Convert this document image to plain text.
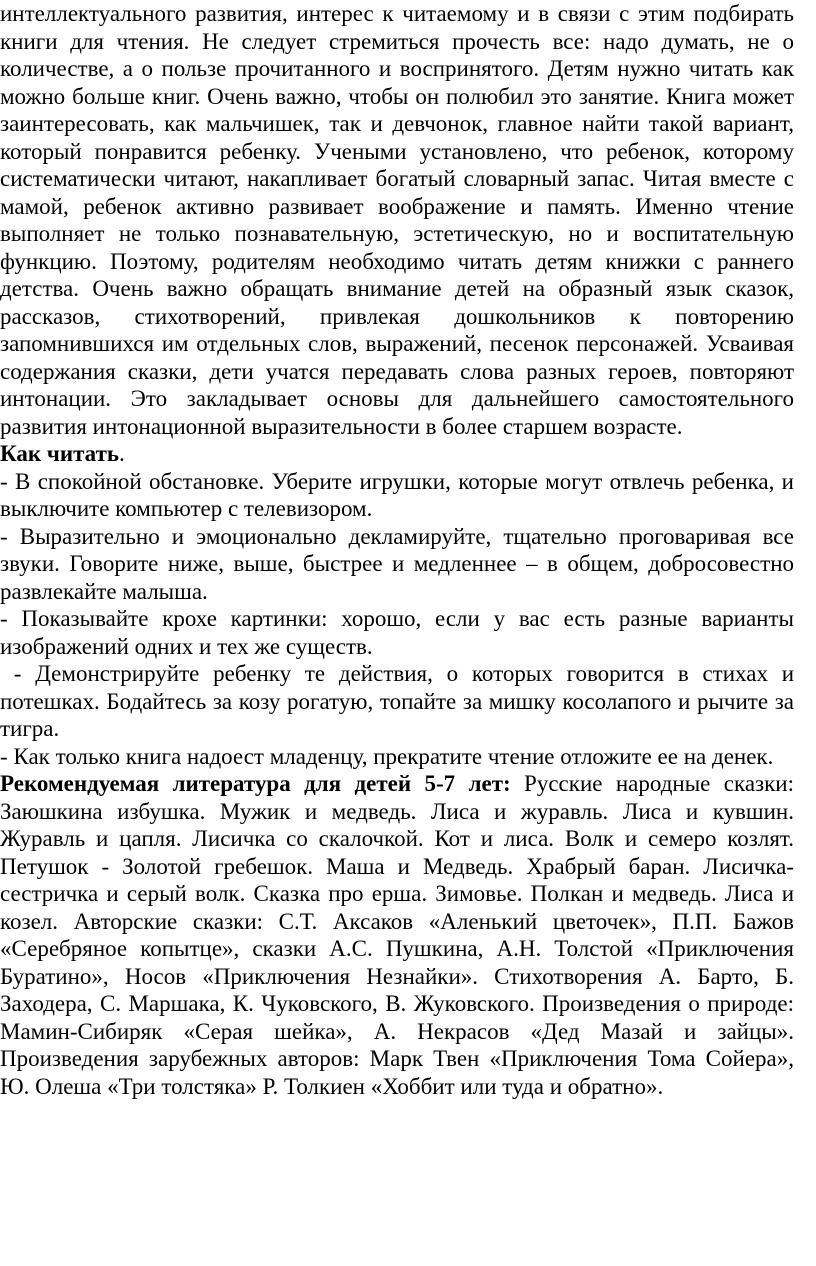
интеллектуального развития, интерес к читаемому и в связи с этим подбирать книги для чтения. Не следует стремиться прочесть все: надо думать, не о количестве, а о пользе прочитанного и воспринятого. Детям нужно читать как можно больше книг. Очень важно, чтобы он полюбил это занятие. Книга может заинтересовать, как мальчишек, так и девчонок, главное найти такой вариант, который понравится ребенку. Учеными установлено, что ребенок, которому систематически читают, накапливает богатый словарный запас. Читая вместе с мамой, ребенок активно развивает воображение и память. Именно чтение выполняет не только познавательную, эстетическую, но и воспитательную функцию. Поэтому, родителям необходимо читать детям книжки с раннего детства. Очень важно обращать внимание детей на образный язык сказок, рассказов, стихотворений, привлекая дошкольников к повторению запомнившихся им отдельных слов, выражений, песенок персонажей. Усваивая содержания сказки, дети учатся передавать слова разных героев, повторяют интонации. Это закладывает основы для дальнейшего самостоятельного развития интонационной выразительности в более старшем возрасте.

Как читать.

- В спокойной обстановке. Уберите игрушки, которые могут отвлечь ребенка, и выключите компьютер с телевизором.

- Выразительно и эмоционально декламируйте, тщательно проговаривая все звуки. Говорите ниже, выше, быстрее и медленнее – в общем, добросовестно развлекайте малыша.

- Показывайте крохе картинки: хорошо, если у вас есть разные варианты изображений одних и тех же существ.

- Демонстрируйте ребенку те действия, о которых говорится в стихах и потешках. Бодайтесь за козу рогатую, топайте за мишку косолапого и рычите за тигра.

- Как только книга надоест младенцу, прекратите чтение отложите ее на денек.

Рекомендуемая литература для детей 5-7 лет: Русские народные сказки: Заюшкина избушка. Мужик и медведь. Лиса и журавль. Лиса и кувшин. Журавль и цапля. Лисичка со скалочкой. Кот и лиса. Волк и семеро козлят. Петушок - Золотой гребешок. Маша и Медведь. Храбрый баран. Лисичка-сестричка и серый волк. Сказка про ерша. Зимовье. Полкан и медведь. Лиса и козел. Авторские сказки: С.Т. Аксаков «Аленький цветочек», П.П. Бажов «Серебряное копытце», сказки А.С. Пушкина, А.Н. Толстой «Приключения Буратино», Носов «Приключения Незнайки». Стихотворения А. Барто, Б. Заходера, С. Маршака, К. Чуковского, В. Жуковского. Произведения о природе: Мамин-Сибиряк «Серая шейка», А. Некрасов «Дед Мазай и зайцы». Произведения зарубежных авторов: Марк Твен «Приключения Тома Сойера», Ю. Олеша «Три толстяка» Р. Толкиен «Хоббит или туда и обратно».
